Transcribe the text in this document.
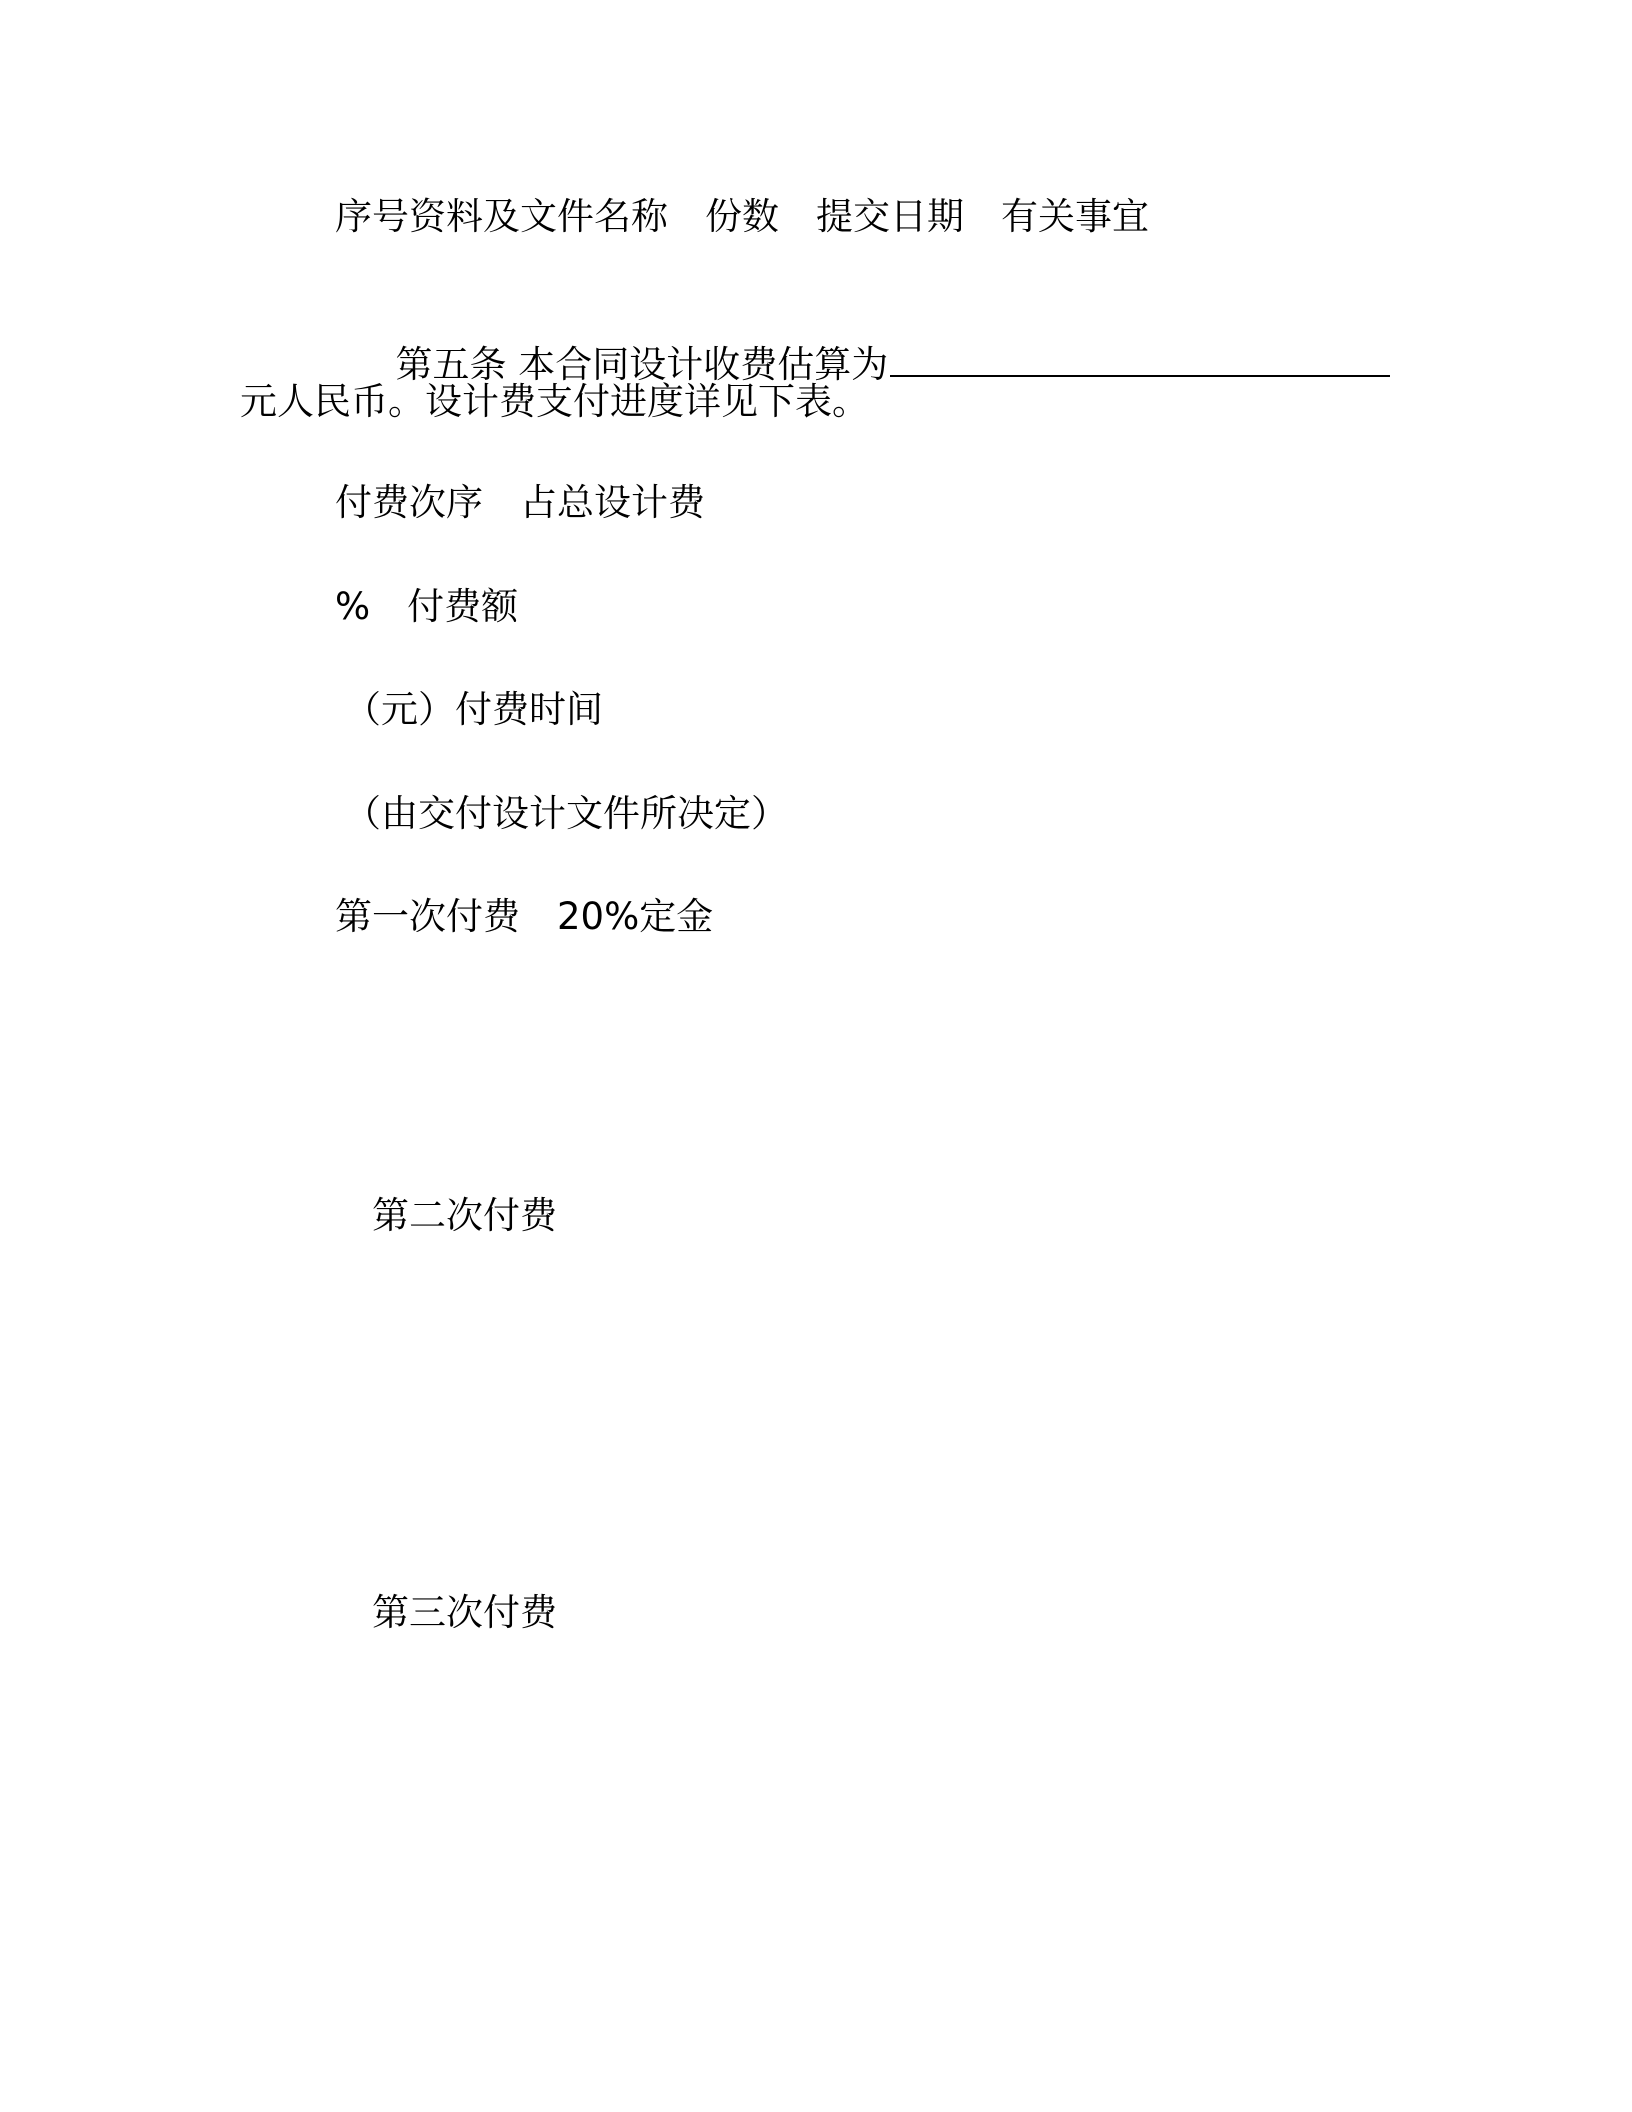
序号资料及文件名称　份数　提交日期　有关事宜

第五条 本合同设计收费估算为

元人民币。设计费支付进度详见下表。
付费次序　占总设计费
%　付费额
（元）付费时间
（由交付设计文件所决定）
第一次付费　20%定金
第二次付费
第三次付费
